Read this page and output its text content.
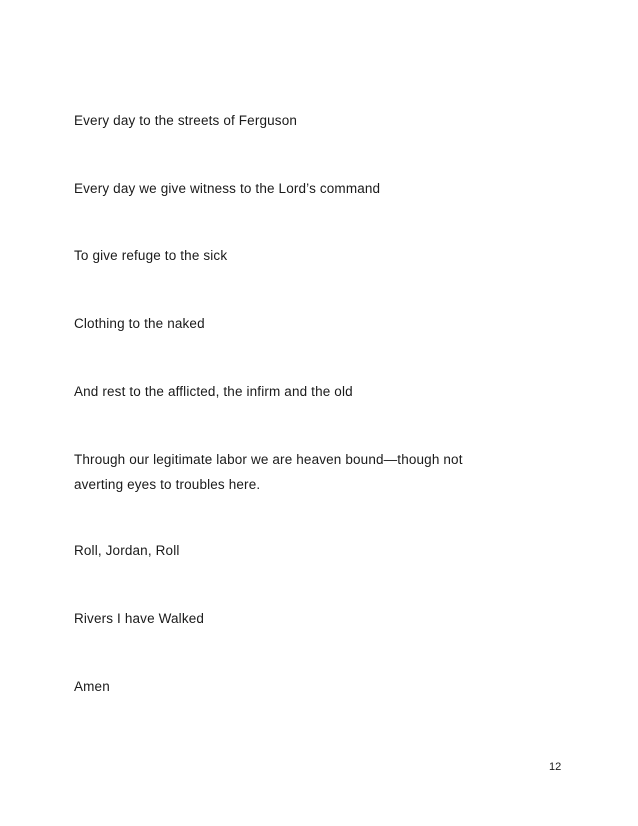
Every day to the streets of Ferguson

Every day we give witness to the Lord’s command

To give refuge to the sick

Clothing to the naked

And rest to the afflicted, the infirm and the old

Through our legitimate labor we are heaven bound—though not

averting eyes to troubles here.

Roll, Jordan, Roll

Rivers I have Walked

Amen

12
